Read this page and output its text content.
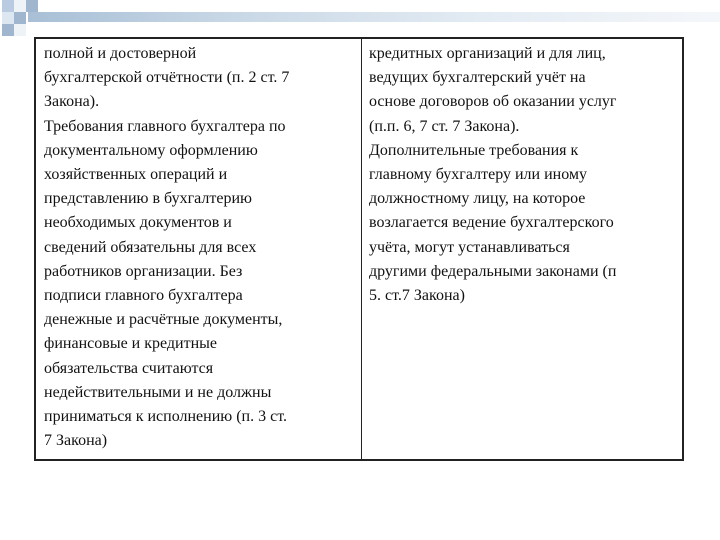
полной и достоверной
бухгалтерской отчётности (п. 2 ст. 7
Закона).
Требования главного бухгалтера по
документальному оформлению
хозяйственных операций и
представлению в бухгалтерию
необходимых документов и
сведений обязательны для всех
работников организации. Без
подписи главного бухгалтера
денежные и расчётные документы,
финансовые и кредитные
обязательства считаются
недействительными и не должны
приниматься к исполнению (п. 3 ст.
7 Закона)
кредитных организаций и для лиц,
ведущих бухгалтерский учёт на
основе договоров об оказании услуг
(п.п. 6, 7 ст. 7 Закона).
Дополнительные требования к
главному бухгалтеру или иному
должностному лицу, на которое
возлагается ведение бухгалтерского
учёта, могут устанавливаться
другими федеральными законами (п
5. ст.7 Закона)
